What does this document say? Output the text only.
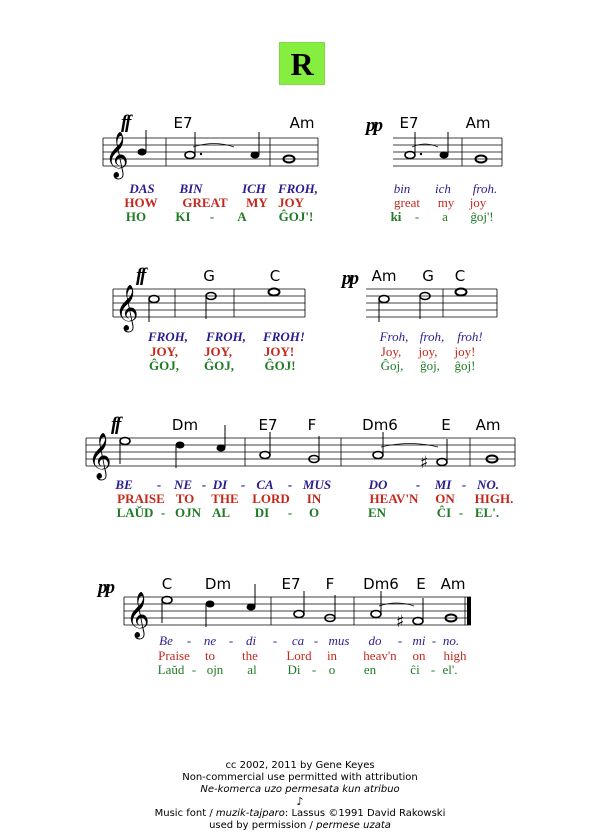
R
ff	E7	Am
𝄞
DAS BIN	ICH FROH,
HOW GREAT MY JOY
HO KI - A ĜOJ'!
pp E7	Am
bin ich froh.
great my joy
ki - a ĝoj'!
ff	G	C
𝄞
FROH, FROH, FROH!
JOY, JOY, JOY!
ĜOJ, ĜOJ, ĜOJ!
pp Am G C
Froh, froh, froh!
Joy, joy, joy!
Ĝoj, ĝoj, ĝoj!
ff	Dm	E7 F	Dm6	E Am
𝄞	♯
BE - NE - DI - CA - MUS	DO - MI - NO.
PRAISE TO THE LORD IN	HEAV'N ON HIGH.
LAŬD - OJN AL DI - O	EN	ĈI - EL'.
pp	C Dm	E7 F Dm6 E Am
𝄞	♯
Be - ne - di - ca - mus do - mi - no.
Praise to the Lord in heav'n on high
Laŭd - ojn al Di - o en	ĉi - el'.
cc 2002, 2011 by Gene Keyes
Non-commercial use permitted with attribution
Ne-komerca uzo permesata kun atribuo
♪
Music font / muzik-tajparo: Lassus ©1991 David Rakowski
used by permission / permese uzata
